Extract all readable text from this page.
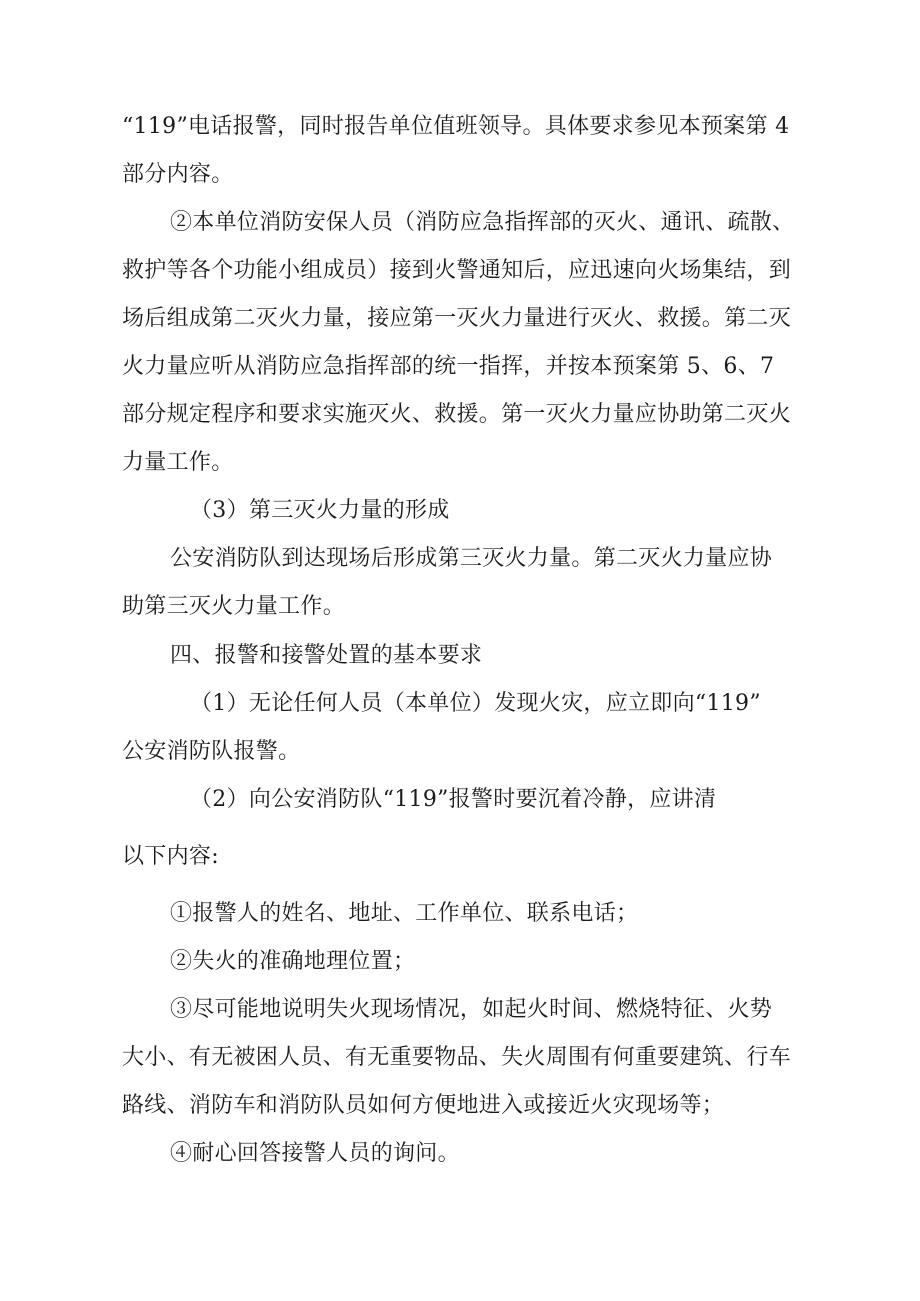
“119”电话报警，同时报告单位值班领导。具体要求参见本预案第 4
部分内容。
②本单位消防安保人员（消防应急指挥部的灭火、通讯、疏散、
救护等各个功能小组成员）接到火警通知后，应迅速向火场集结，到
场后组成第二灭火力量，接应第一灭火力量进行灭火、救援。第二灭
火力量应听从消防应急指挥部的统一指挥，并按本预案第 5、6、7
部分规定程序和要求实施灭火、救援。第一灭火力量应协助第二灭火
力量工作。
（3）第三灭火力量的形成
公安消防队到达现场后形成第三灭火力量。第二灭火力量应协
助第三灭火力量工作。
四、报警和接警处置的基本要求
（1）无论任何人员（本单位）发现火灾，应立即向“119”
公安消防队报警。
（2）向公安消防队“119”报警时要沉着冷静，应讲清
以下内容:
①报警人的姓名、地址、工作单位、联系电话；
②失火的准确地理位置；
③尽可能地说明失火现场情况，如起火时间、燃烧特征、火势
大小、有无被困人员、有无重要物品、失火周围有何重要建筑、行车
路线、消防车和消防队员如何方便地进入或接近火灾现场等；
④耐心回答接警人员的询问。
